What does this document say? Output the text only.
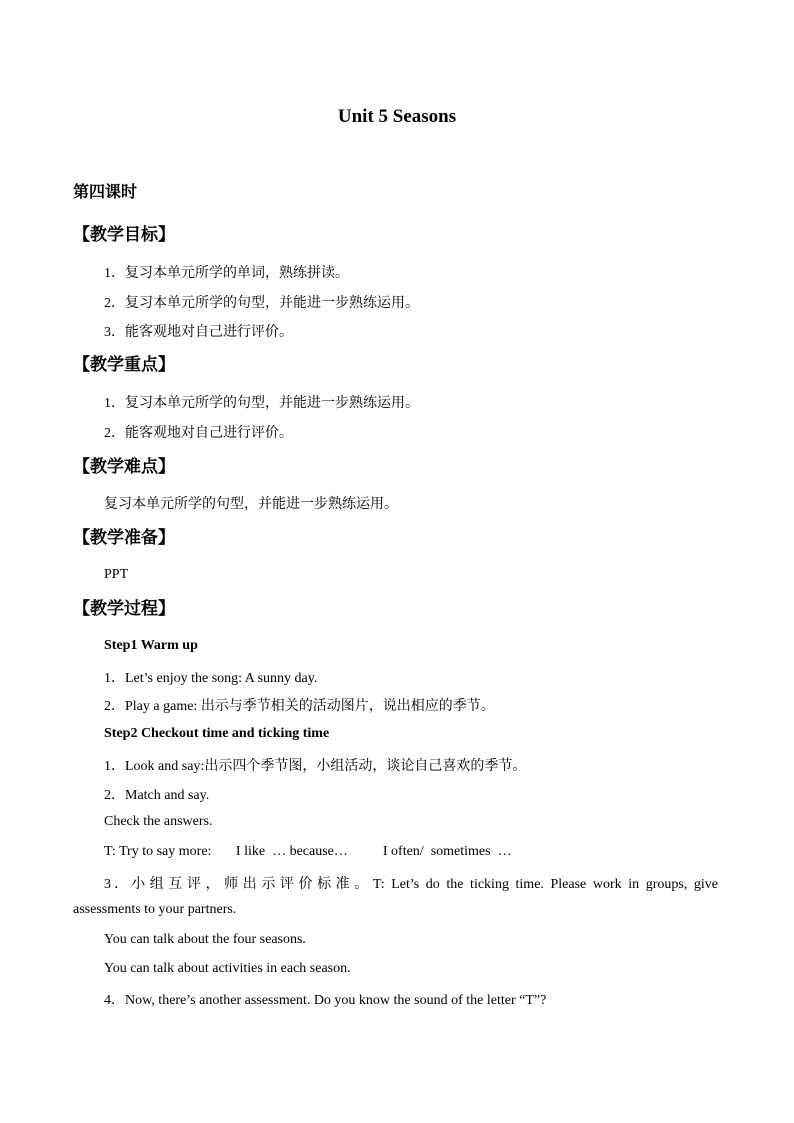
Unit 5 Seasons
第四课时
【教学目标】
1．复习本单元所学的单词，熟练拼读。
2．复习本单元所学的句型，并能进一步熟练运用。
3．能客观地对自己进行评价。
【教学重点】
1．复习本单元所学的句型，并能进一步熟练运用。
2．能客观地对自己进行评价。
【教学难点】
复习本单元所学的句型，并能进一步熟练运用。
【教学准备】
PPT
【教学过程】
Step1 Warm up
1．Let’s enjoy the song: A sunny day.
2．Play a game: 出示与季节相关的活动图片，说出相应的季节。
Step2 Checkout time and ticking time
1．Look and say:出示四个季节图，小组活动，谈论自己喜欢的季节。
2．Match and say.
Check the answers.
T: Try to say more:       I like  … because…          I often/  sometimes  …
3．小组互评，师出示评价标准。T: Let’s do the ticking time. Please work in groups, give
assessments to your partners.
You can talk about the four seasons.
You can talk about activities in each season.
4．Now, there’s another assessment. Do you know the sound of the letter “T”?
